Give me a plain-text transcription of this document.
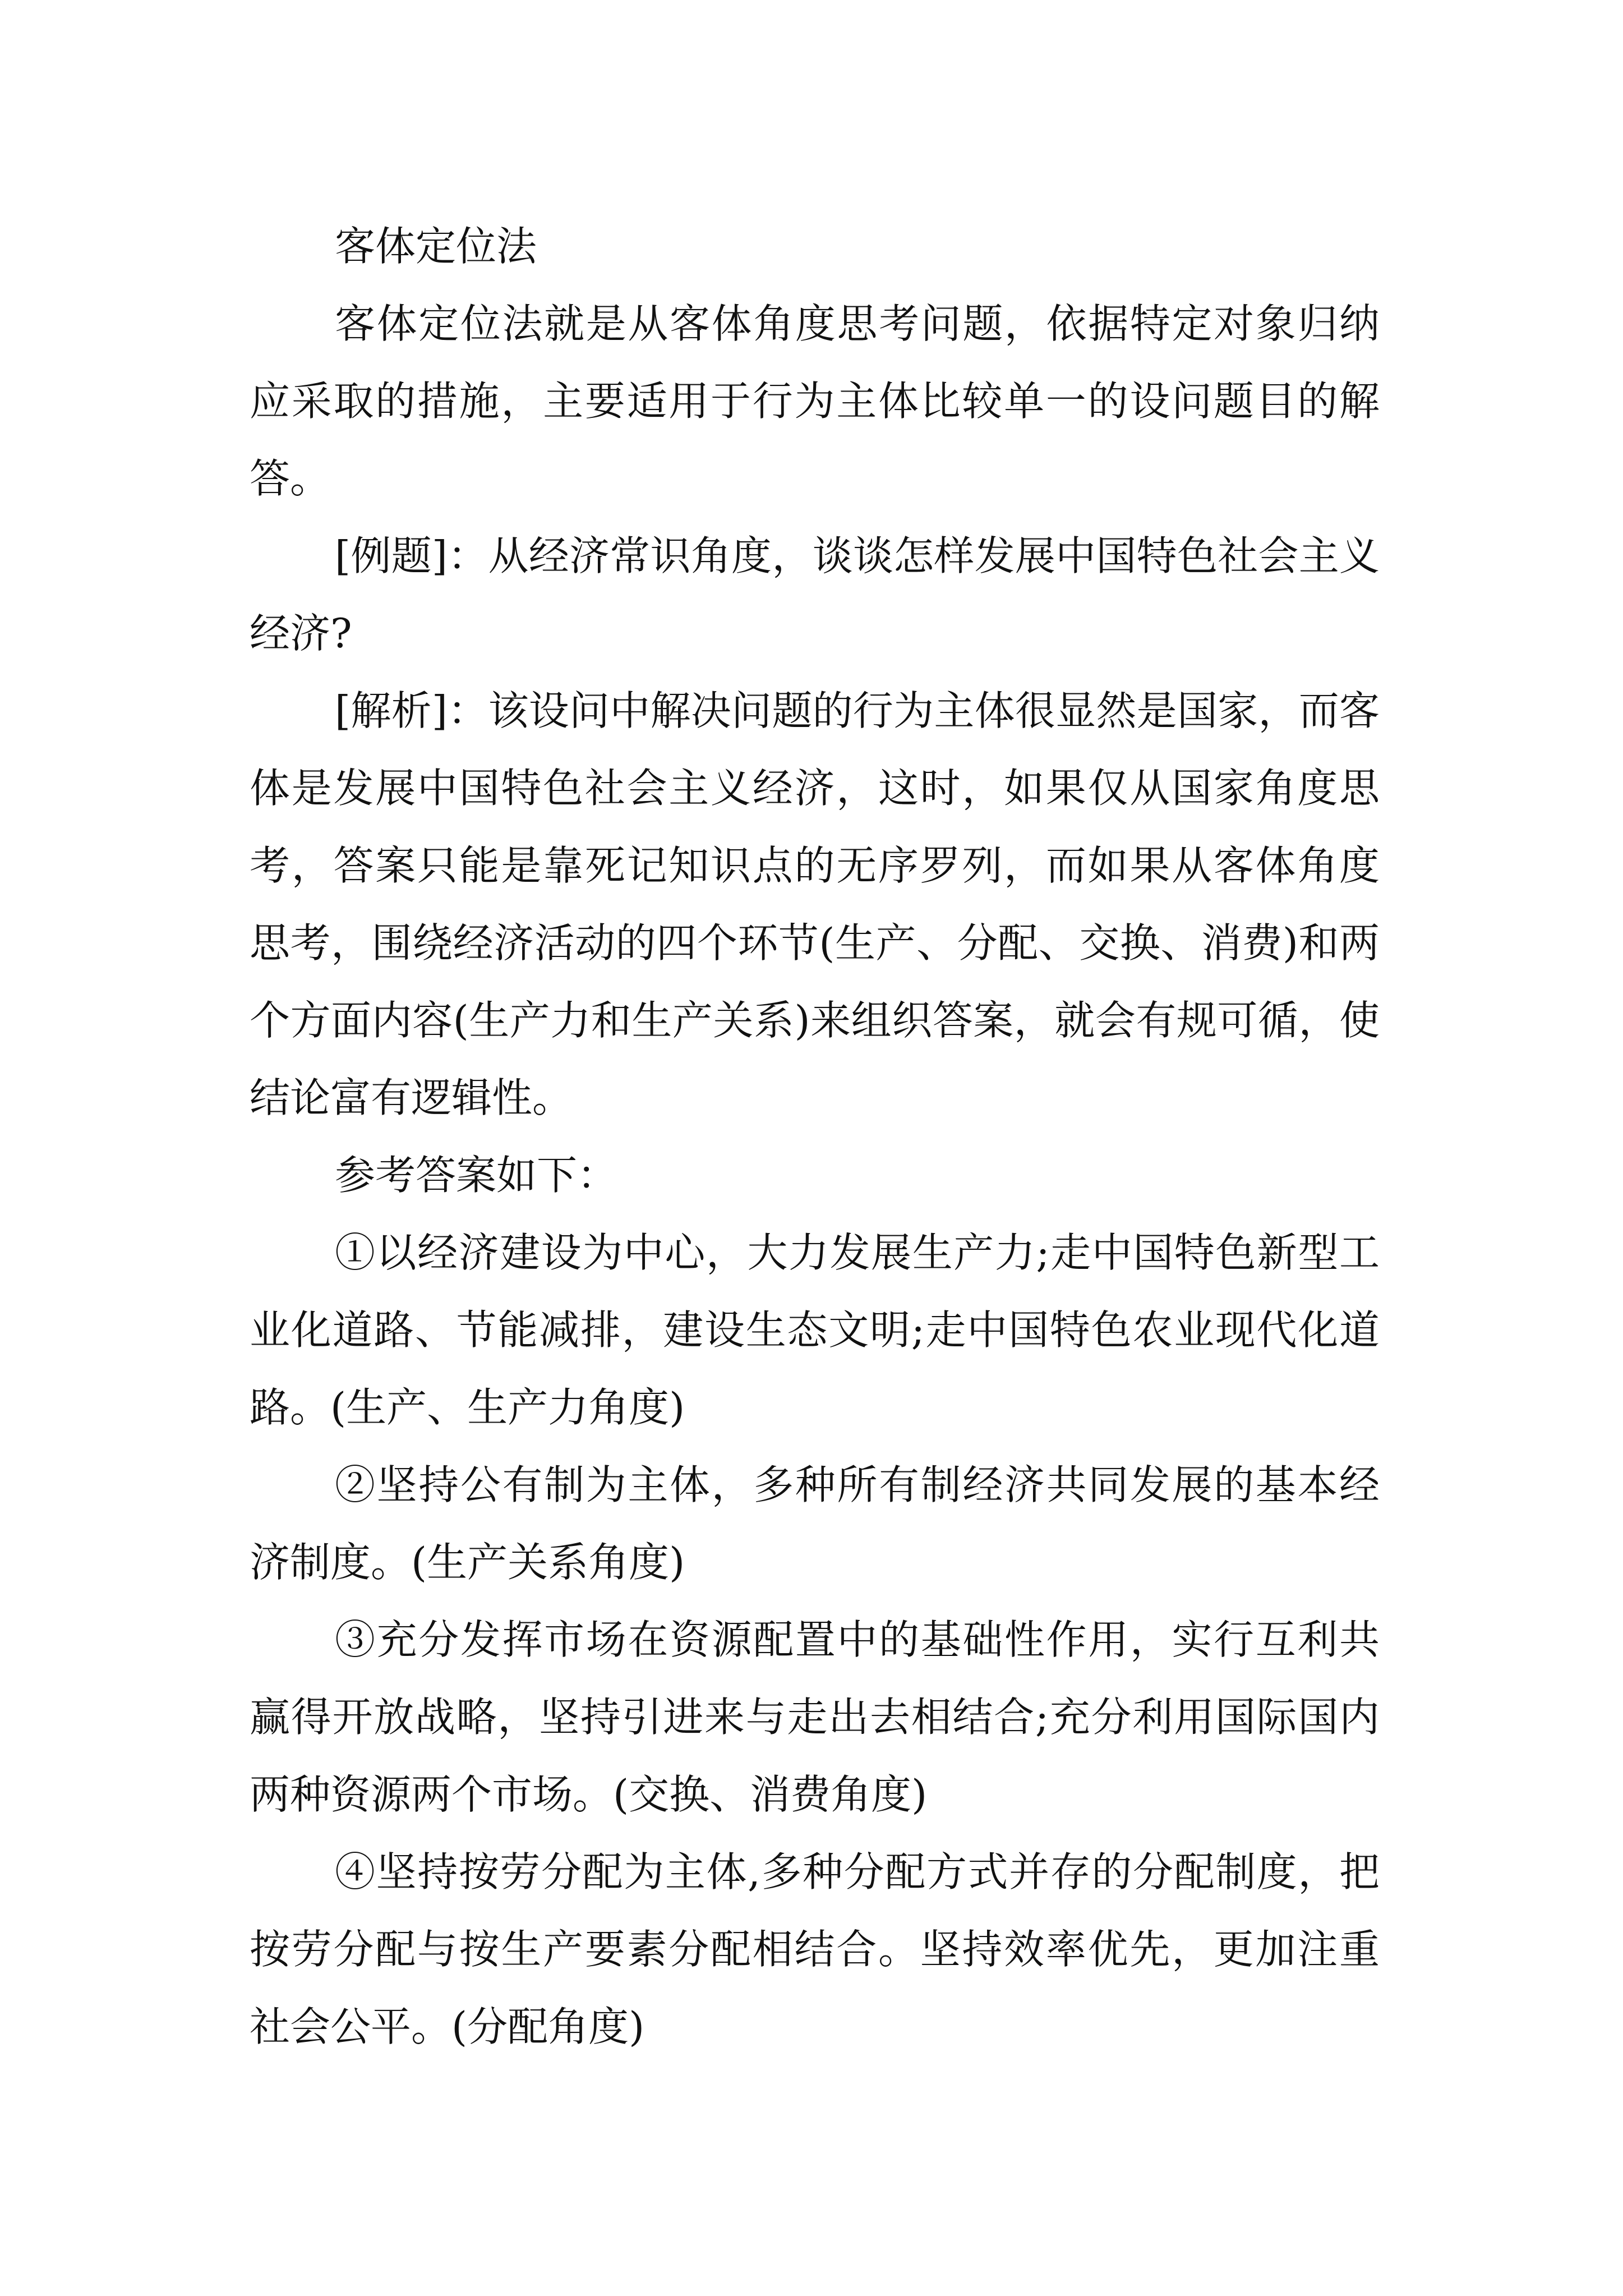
客体定位法

客体定位法就是从客体角度思考问题，依据特定对象归纳应采取的措施，主要适用于行为主体比较单一的设问题目的解答。

[例题]：从经济常识角度，谈谈怎样发展中国特色社会主义经济?

[解析]：该设问中解决问题的行为主体很显然是国家，而客体是发展中国特色社会主义经济，这时，如果仅从国家角度思考，答案只能是靠死记知识点的无序罗列，而如果从客体角度思考，围绕经济活动的四个环节(生产、分配、交换、消费)和两个方面内容(生产力和生产关系)来组织答案，就会有规可循，使结论富有逻辑性。

参考答案如下：

①以经济建设为中心，大力发展生产力;走中国特色新型工业化道路、节能减排，建设生态文明;走中国特色农业现代化道路。(生产、生产力角度)

②坚持公有制为主体，多种所有制经济共同发展的基本经济制度。(生产关系角度)

③充分发挥市场在资源配置中的基础性作用，实行互利共赢得开放战略，坚持引进来与走出去相结合;充分利用国际国内两种资源两个市场。(交换、消费角度)

④坚持按劳分配为主体,多种分配方式并存的分配制度，把按劳分配与按生产要素分配相结合。坚持效率优先，更加注重社会公平。(分配角度)
